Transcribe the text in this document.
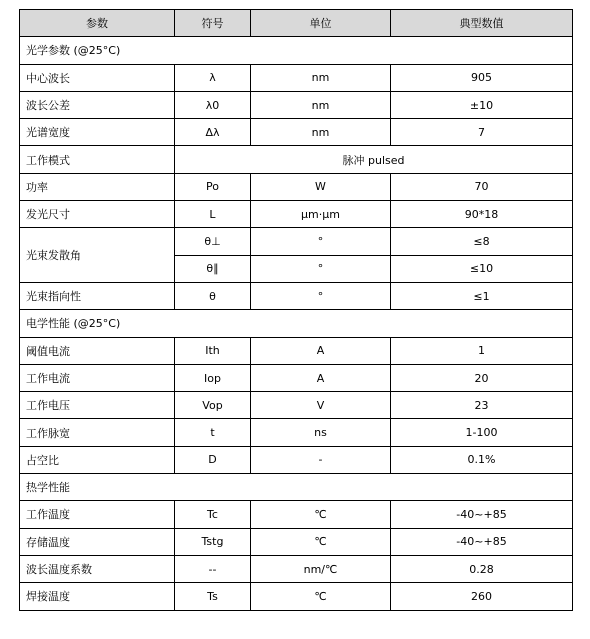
参数	符号	单位	典型数值
光学参数 (@25°C)			
中心波长	λ	nm	905
波长公差	λ0	nm	±10
光谱宽度	Δλ	nm	7
工作模式	脉冲 pulsed		
功率	Po	W	70
发光尺寸	L	μm·μm	90*18
光束发散角	θ⊥	°	≤8
	θ∥	°	≤10
光束指向性	θ	°	≤1
电学性能 (@25°C)			
阈值电流	Ith	A	1
工作电流	Iop	A	20
工作电压	Vop	V	23
工作脉宽	t	ns	1-100
占空比	D	-	0.1%
热学性能			
工作温度	Tc	℃	-40~+85
存储温度	Tstg	℃	-40~+85
波长温度系数	--	nm/℃	0.28
焊接温度	Ts	℃	260
